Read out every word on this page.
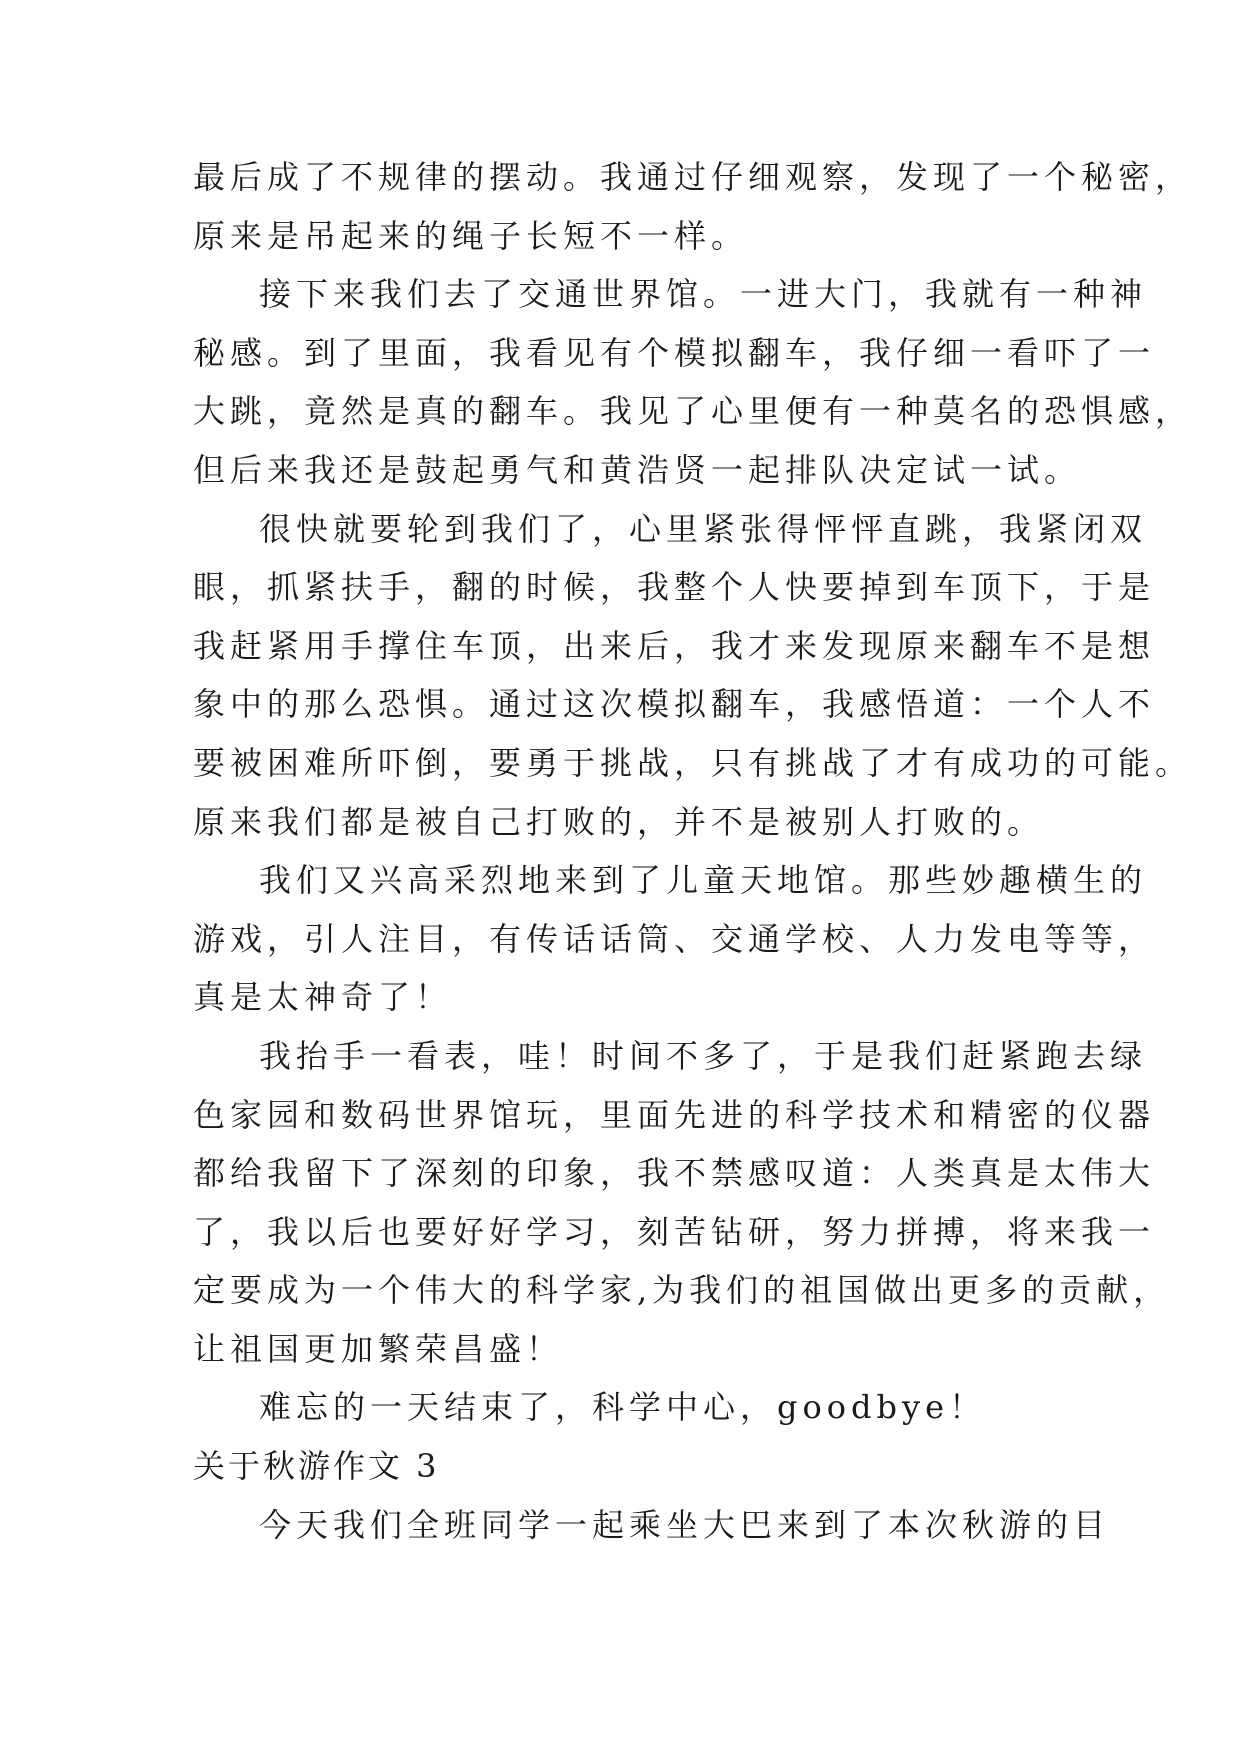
最后成了不规律的摆动。我通过仔细观察，发现了一个秘密，
原来是吊起来的绳子长短不一样。
接下来我们去了交通世界馆。一进大门，我就有一种神
秘感。到了里面，我看见有个模拟翻车，我仔细一看吓了一
大跳，竟然是真的翻车。我见了心里便有一种莫名的恐惧感，
但后来我还是鼓起勇气和黄浩贤一起排队决定试一试。
很快就要轮到我们了，心里紧张得怦怦直跳，我紧闭双
眼，抓紧扶手，翻的时候，我整个人快要掉到车顶下，于是
我赶紧用手撑住车顶，出来后，我才来发现原来翻车不是想
象中的那么恐惧。通过这次模拟翻车，我感悟道：一个人不
要被困难所吓倒，要勇于挑战，只有挑战了才有成功的可能。
原来我们都是被自己打败的，并不是被别人打败的。
我们又兴高采烈地来到了儿童天地馆。那些妙趣横生的
游戏，引人注目，有传话话筒、交通学校、人力发电等等，
真是太神奇了！
我抬手一看表，哇！时间不多了，于是我们赶紧跑去绿
色家园和数码世界馆玩，里面先进的科学技术和精密的仪器
都给我留下了深刻的印象，我不禁感叹道：人类真是太伟大
了，我以后也要好好学习，刻苦钻研，努力拼搏，将来我一
定要成为一个伟大的科学家,为我们的祖国做出更多的贡献，
让祖国更加繁荣昌盛！
难忘的一天结束了，科学中心，goodbye！
关于秋游作文 3
今天我们全班同学一起乘坐大巴来到了本次秋游的目
